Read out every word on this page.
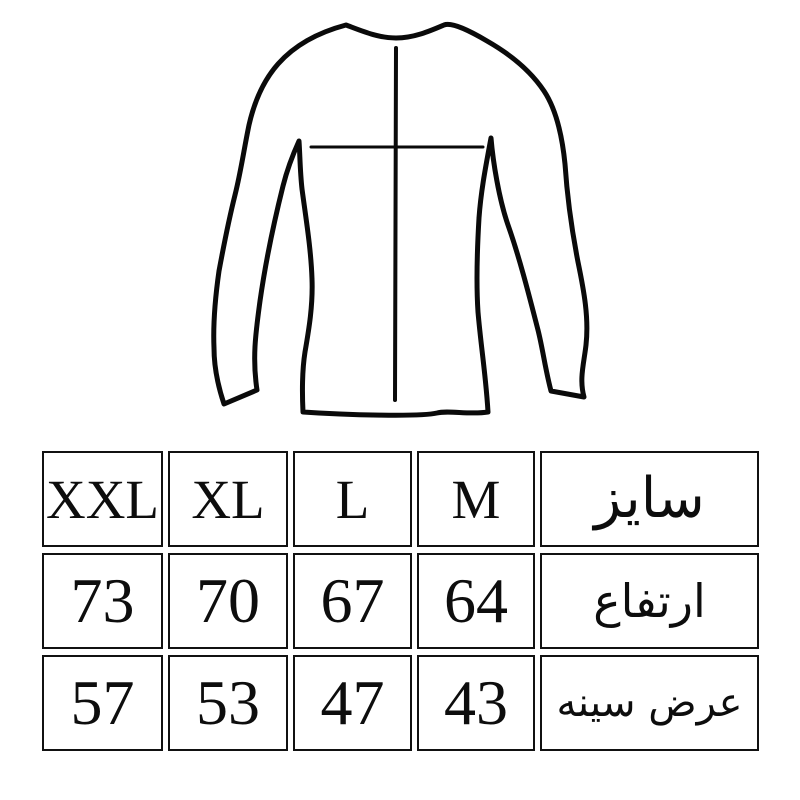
XXL XL	L	M	سایز
73 70 67 64	ارتفاع
57 53 47 43	عرض سینه
